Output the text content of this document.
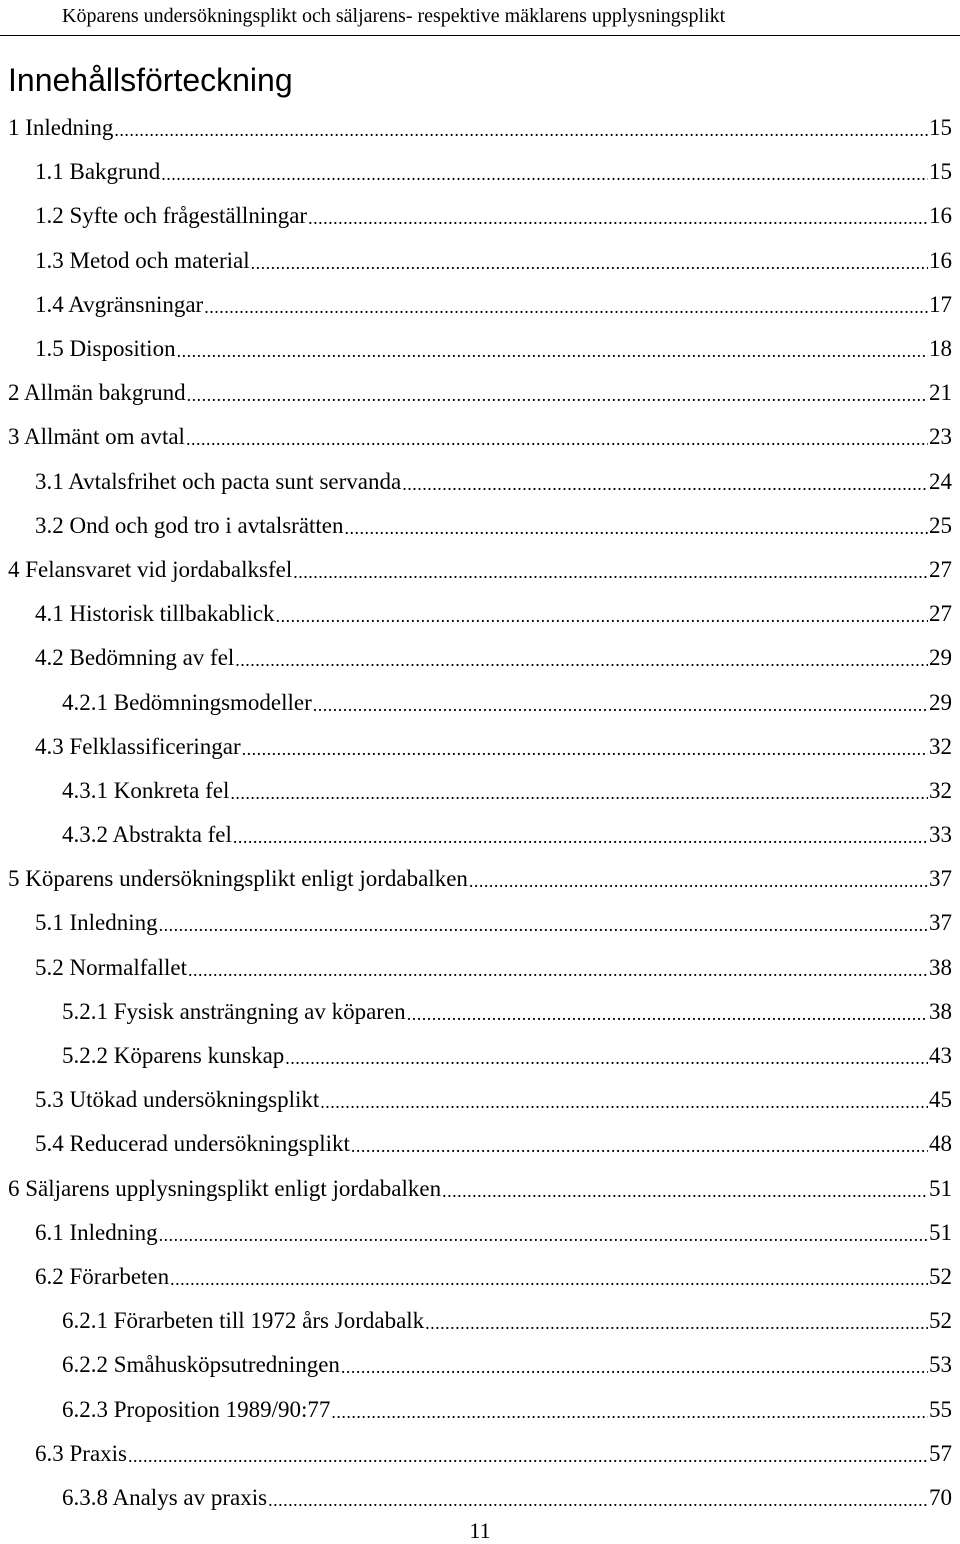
Köparens undersökningsplikt och säljarens- respektive mäklarens upplysningsplikt
Innehållsförteckning
1 Inledning .....	15
1.1 Bakgrund .....	15
1.2 Syfte och frågeställningar .....	16
1.3 Metod och material .....	16
1.4 Avgränsningar .....	17
1.5 Disposition .....	18
2 Allmän bakgrund .....	21
3 Allmänt om avtal .....	23
3.1 Avtalsfrihet och pacta sunt servanda .....	24
3.2 Ond och god tro i avtalsrätten .....	25
4 Felansvaret vid jordabalksfel .....	27
4.1 Historisk tillbakablick .....	27
4.2 Bedömning av fel .....	29
4.2.1 Bedömningsmodeller .....	29
4.3 Felklassificeringar .....	32
4.3.1 Konkreta fel .....	32
4.3.2 Abstrakta fel .....	33
5 Köparens undersökningsplikt enligt jordabalken .....	37
5.1 Inledning .....	37
5.2 Normalfallet .....	38
5.2.1 Fysisk ansträngning av köparen .....	38
5.2.2 Köparens kunskap .....	43
5.3 Utökad undersökningsplikt .....	45
5.4 Reducerad undersökningsplikt .....	48
6 Säljarens upplysningsplikt enligt jordabalken .....	51
6.1 Inledning .....	51
6.2 Förarbeten .....	52
6.2.1 Förarbeten till 1972 års Jordabalk .....	52
6.2.2 Småhusköpsutredningen .....	53
6.2.3 Proposition 1989/90:77 .....	55
6.3 Praxis .....	57
6.3.8 Analys av praxis .....	70
11
